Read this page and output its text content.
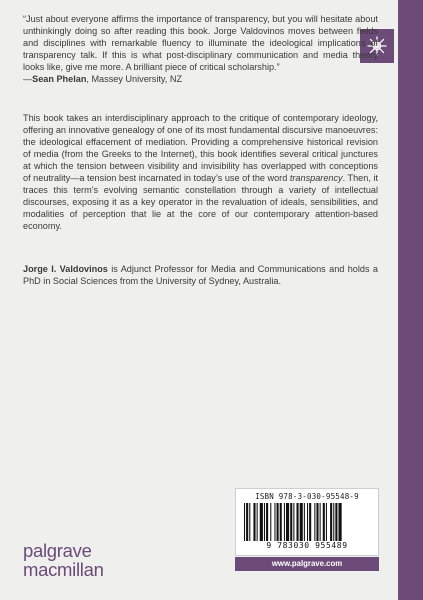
“Just about everyone affirms the importance of transparency, but you will hesitate about unthinkingly doing so after reading this book. Jorge Valdovinos moves between fields and disciplines with remarkable fluency to illuminate the ideological implications of transparency talk. If this is what post-disciplinary communication and media theory looks like, give me more. A brilliant piece of critical scholarship.”
—Sean Phelan, Massey University, NZ
This book takes an interdisciplinary approach to the critique of contemporary ideology, offering an innovative genealogy of one of its most fundamental discursive manoeuvres: the ideological effacement of mediation. Providing a comprehensive historical revision of media (from the Greeks to the Internet), this book identifies several critical junctures at which the tension between visibility and invisibility has overlapped with conceptions of neutrality—a tension best incarnated in today’s use of the word transparency. Then, it traces this term’s evolving semantic constellation through a variety of intellectual discourses, exposing it as a key operator in the revaluation of ideals, sensibilities, and modalities of perception that lie at the core of our contemporary attention-based economy.
Jorge I. Valdovinos is Adjunct Professor for Media and Communications and holds a PhD in Social Sciences from the University of Sydney, Australia.
palgrave
macmillan
ISBN 978-3-030-95548-9
9 783030 955489
www.palgrave.com
